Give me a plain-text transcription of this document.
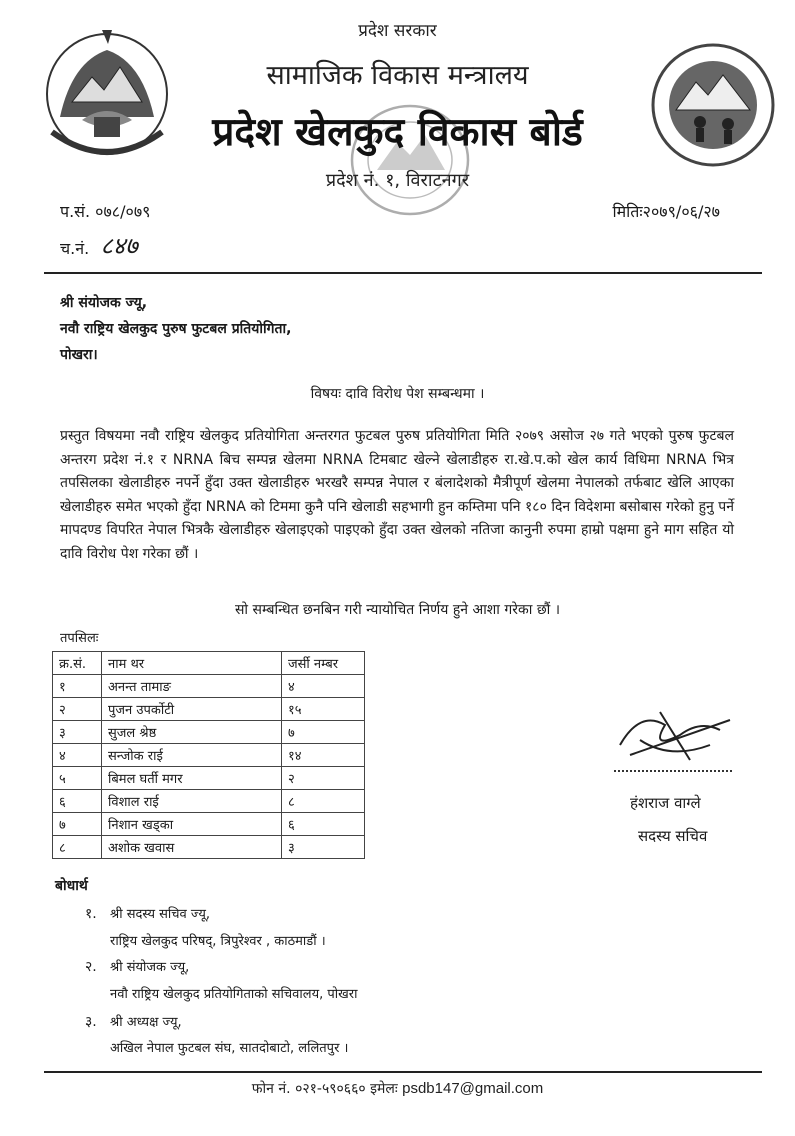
प्रदेश सरकार
सामाजिक विकास मन्त्रालय
प्रदेश खेलकुद विकास बोर्ड
प्रदेश नं. १, विराटनगर
प.सं. ०७८/०७९
च.नं. ८४७
मितिः२०७९/०६/२७
श्री संयोजक ज्यू,
नवौ राष्ट्रिय खेलकुद पुरुष फुटबल प्रतियोगिता,
पोखरा।
विषयः दावि विरोध पेश सम्बन्धमा ।
प्रस्तुत विषयमा नवौ राष्ट्रिय खेलकुद प्रतियोगिता अन्तरगत फुटबल पुरुष प्रतियोगिता मिति २०७९ असोज २७ गते भएको पुरुष फुटबल अन्तरग प्रदेश नं.१ र NRNA बिच सम्पन्न खेलमा NRNA टिमबाट खेल्ने खेलाडीहरु रा.खे.प.को खेल कार्य विधिमा NRNA भित्र तपसिलका खेलाडीहरु नपर्ने हुँदा उक्त खेलाडीहरु भरखरै सम्पन्न नेपाल र बंलादेशको मैत्रीपूर्ण खेलमा नेपालको तर्फबाट खेलि आएका खेलाडीहरु समेत भएको हुँदा NRNA को टिममा कुनै पनि खेलाडी सहभागी हुन कम्तिमा पनि १८० दिन विदेशमा बसोबास गरेको हुनु पर्ने मापदण्ड विपरित नेपाल भित्रकै खेलाडीहरु खेलाइएको पाइएको हुँदा उक्त खेलको नतिजा कानुनी रुपमा हाम्रो पक्षमा हुने माग सहित यो दावि विरोध पेश गरेका छौं ।
सो सम्बन्धित छनबिन गरी न्यायोचित निर्णय हुने आशा गरेका छौं ।
तपसिलः
क्र.सं.	नाम थर	जर्सी नम्बर
१	अनन्त तामाङ	४
२	पुजन उपर्कोटी	१५
३	सुजल श्रेष्ठ	७
४	सन्जोक राई	१४
५	बिमल घर्ती मगर	२
६	विशाल राई	८
७	निशान खड्का	६
८	अशोक खवास	३
हंशराज वाग्ले
सदस्य सचिव
बोधार्थ
१. श्री सदस्य सचिव ज्यू,
राष्ट्रिय खेलकुद परिषद्, त्रिपुरेश्वर , काठमाडौं ।
२. श्री संयोजक ज्यू,
नवौ राष्ट्रिय खेलकुद प्रतियोगिताको सचिवालय, पोखरा
३. श्री अध्यक्ष ज्यू,
अखिल नेपाल फुटबल संघ, सातदोबाटो, ललितपुर ।
फोन नं. ०२१-५९०६६० इमेलः psdb147@gmail.com
